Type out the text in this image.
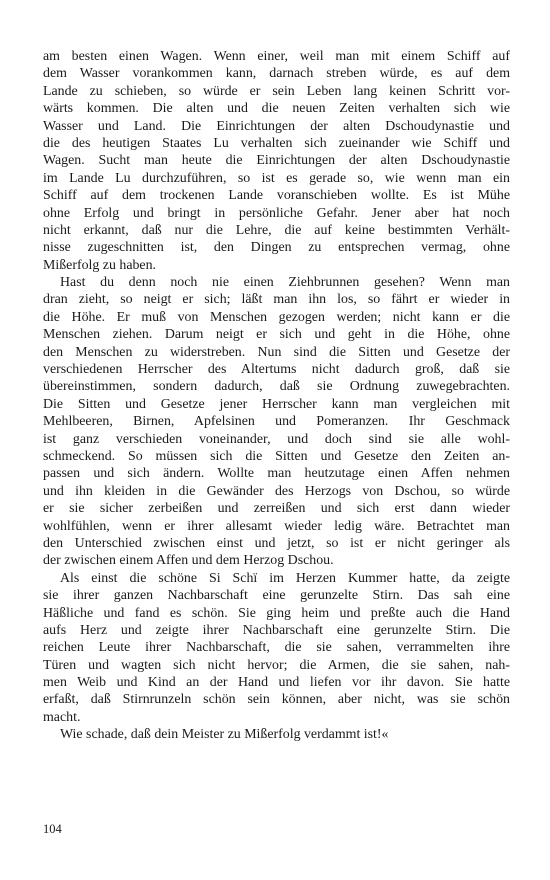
am besten einen Wagen. Wenn einer, weil man mit einem Schiff auf
dem Wasser vorankommen kann, darnach streben würde, es auf dem
Lande zu schieben, so würde er sein Leben lang keinen Schritt vor-
wärts kommen. Die alten und die neuen Zeiten verhalten sich wie
Wasser und Land. Die Einrichtungen der alten Dschoudynastie und
die des heutigen Staates Lu verhalten sich zueinander wie Schiff und
Wagen. Sucht man heute die Einrichtungen der alten Dschoudynastie
im Lande Lu durchzuführen, so ist es gerade so, wie wenn man ein
Schiff auf dem trockenen Lande voranschieben wollte. Es ist Mühe
ohne Erfolg und bringt in persönliche Gefahr. Jener aber hat noch
nicht erkannt, daß nur die Lehre, die auf keine bestimmten Verhält-
nisse zugeschnitten ist, den Dingen zu entsprechen vermag, ohne
Mißerfolg zu haben.
Hast du denn noch nie einen Ziehbrunnen gesehen? Wenn man
dran zieht, so neigt er sich; läßt man ihn los, so fährt er wieder in
die Höhe. Er muß von Menschen gezogen werden; nicht kann er die
Menschen ziehen. Darum neigt er sich und geht in die Höhe, ohne
den Menschen zu widerstreben. Nun sind die Sitten und Gesetze der
verschiedenen Herrscher des Altertums nicht dadurch groß, daß sie
übereinstimmen, sondern dadurch, daß sie Ordnung zuwegebrachten.
Die Sitten und Gesetze jener Herrscher kann man vergleichen mit
Mehlbeeren, Birnen, Apfelsinen und Pomeranzen. Ihr Geschmack
ist ganz verschieden voneinander, und doch sind sie alle wohl-
schmeckend. So müssen sich die Sitten und Gesetze den Zeiten an-
passen und sich ändern. Wollte man heutzutage einen Affen nehmen
und ihn kleiden in die Gewänder des Herzogs von Dschou, so würde
er sie sicher zerbeißen und zerreißen und sich erst dann wieder
wohlfühlen, wenn er ihrer allesamt wieder ledig wäre. Betrachtet man
den Unterschied zwischen einst und jetzt, so ist er nicht geringer als
der zwischen einem Affen und dem Herzog Dschou.
Als einst die schöne Si Schï im Herzen Kummer hatte, da zeigte
sie ihrer ganzen Nachbarschaft eine gerunzelte Stirn. Das sah eine
Häßliche und fand es schön. Sie ging heim und preßte auch die Hand
aufs Herz und zeigte ihrer Nachbarschaft eine gerunzelte Stirn. Die
reichen Leute ihrer Nachbarschaft, die sie sahen, verrammelten ihre
Türen und wagten sich nicht hervor; die Armen, die sie sahen, nah-
men Weib und Kind an der Hand und liefen vor ihr davon. Sie hatte
erfaßt, daß Stirnrunzeln schön sein können, aber nicht, was sie schön
macht.
Wie schade, daß dein Meister zu Mißerfolg verdammt ist!«
104
